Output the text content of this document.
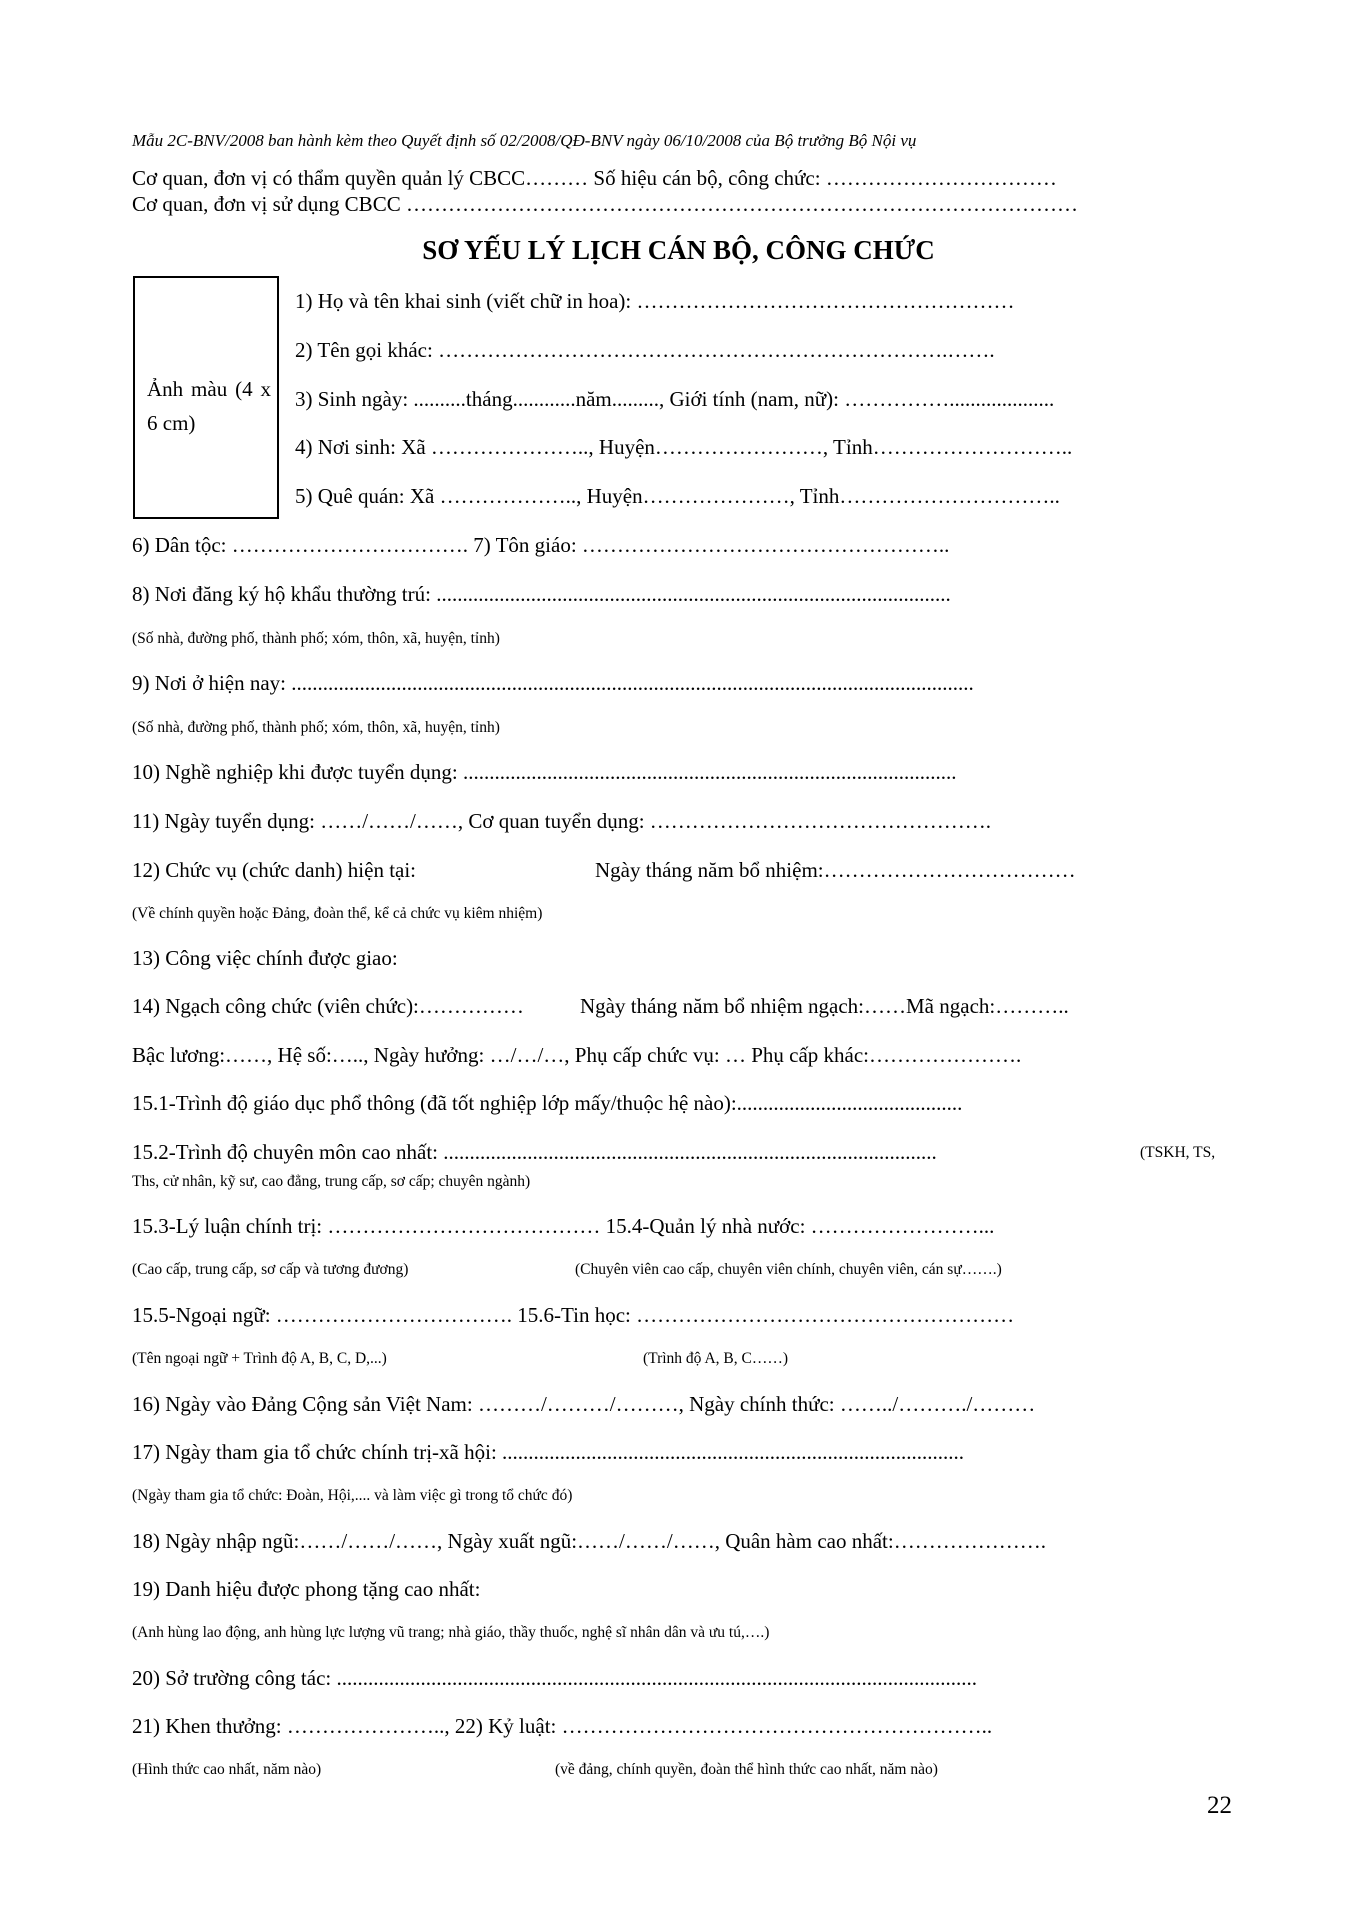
Mẫu 2C-BNV/2008 ban hành kèm theo Quyết định số 02/2008/QĐ-BNV ngày 06/10/2008 của Bộ trưởng Bộ Nội vụ
Cơ quan, đơn vị có thẩm quyền quản lý CBCC……… Số hiệu cán bộ, công chức: ……………………………
Cơ quan, đơn vị sử dụng CBCC ……………………………………………………………………………………
SƠ YẾU LÝ LỊCH CÁN BỘ, CÔNG CHỨC
Ảnh màu (4 x 6 cm)
1) Họ và tên khai sinh (viết chữ in hoa): ………………………………………………
2) Tên gọi khác: ……………………………………………………………….…….
3) Sinh ngày: ..........tháng............năm........., Giới tính (nam, nữ): ……………....................
4) Nơi sinh: Xã ………………….., Huyện……………………, Tỉnh………………………..
5) Quê quán: Xã ……………….., Huyện…………………, Tỉnh…………………………..
6) Dân tộc: ……………………………. 7) Tôn giáo: ……………………………………………..
8) Nơi đăng ký hộ khẩu thường trú: ..................................................................................................
(Số nhà, đường phố, thành phố; xóm, thôn, xã, huyện, tỉnh)
9) Nơi ở hiện nay: ..................................................................................................................................
(Số nhà, đường phố, thành phố; xóm, thôn, xã, huyện, tỉnh)
10) Nghề nghiệp khi được tuyển dụng: ..............................................................................................
11) Ngày tuyển dụng: ……/……/……, Cơ quan tuyển dụng: ………………………………………….
12) Chức vụ (chức danh) hiện tại:	Ngày tháng năm bổ nhiệm:………………………………
(Về chính quyền hoặc Đảng, đoàn thể, kể cả chức vụ kiêm nhiệm)
13) Công việc chính được giao:
14) Ngạch công chức (viên chức):……………	Ngày tháng năm bổ nhiệm ngạch:……Mã ngạch:………..
Bậc lương:……, Hệ số:….., Ngày hưởng: …/…/…, Phụ cấp chức vụ: … Phụ cấp khác:………………….
15.1-Trình độ giáo dục phổ thông (đã tốt nghiệp lớp mấy/thuộc hệ nào):...........................................
15.2-Trình độ chuyên môn cao nhất: ..............................................................................................	(TSKH, TS,
Ths, cử nhân, kỹ sư, cao đẳng, trung cấp, sơ cấp; chuyên ngành)
15.3-Lý luận chính trị: ………………………………… 15.4-Quản lý nhà nước: ……………………...
(Cao cấp, trung cấp, sơ cấp và tương đương)	(Chuyên viên cao cấp, chuyên viên chính, chuyên viên, cán sự…….)
15.5-Ngoại ngữ: ……………………………. 15.6-Tin học: ………………………………………………
(Tên ngoại ngữ + Trình độ A, B, C, D,...)	(Trình độ A, B, C……)
16) Ngày vào Đảng Cộng sản Việt Nam: ………/………/………, Ngày chính thức: ……../………./………
17) Ngày tham gia tổ chức chính trị-xã hội: ........................................................................................
(Ngày tham gia tổ chức: Đoàn, Hội,.... và làm việc gì trong tổ chức đó)
18) Ngày nhập ngũ:……/……/……, Ngày xuất ngũ:……/……/……, Quân hàm cao nhất:………………….
19) Danh hiệu được phong tặng cao nhất:
(Anh hùng lao động, anh hùng lực lượng vũ trang; nhà giáo, thầy thuốc, nghệ sĩ nhân dân và ưu tú,….)
20) Sở trường công tác: ..........................................................................................................................
21) Khen thưởng: ………………….., 22) Kỷ luật: ……………………………………………………..
(Hình thức cao nhất, năm nào)	(về đảng, chính quyền, đoàn thể hình thức cao nhất, năm nào)
22
